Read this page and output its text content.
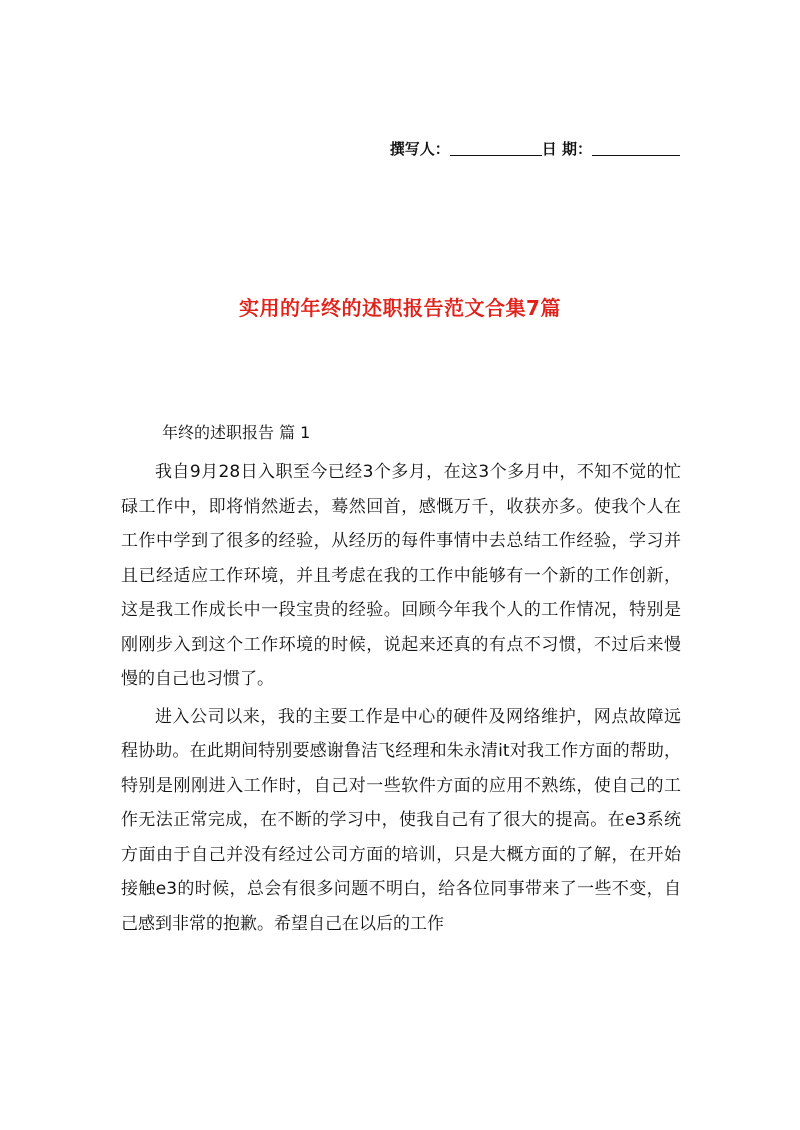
撰写人：	日 期：
实用的年终的述职报告范文合集7篇
年终的述职报告 篇 1

我自9月28日入职至今已经3个多月，在这3个多月中，不知不觉的忙碌工作中，即将悄然逝去，蓦然回首，感慨万千，收获亦多。使我个人在工作中学到了很多的经验，从经历的每件事情中去总结工作经验，学习并且已经适应工作环境，并且考虑在我的工作中能够有一个新的工作创新，这是我工作成长中一段宝贵的经验。回顾今年我个人的工作情况，特别是刚刚步入到这个工作环境的时候，说起来还真的有点不习惯，不过后来慢慢的自己也习惯了。

进入公司以来，我的主要工作是中心的硬件及网络维护，网点故障远程协助。在此期间特别要感谢鲁洁飞经理和朱永清it对我工作方面的帮助，特别是刚刚进入工作时，自己对一些软件方面的应用不熟练，使自己的工作无法正常完成，在不断的学习中，使我自己有了很大的提高。在e3系统方面由于自己并没有经过公司方面的培训，只是大概方面的了解，在开始接触e3的时候，总会有很多问题不明白，给各位同事带来了一些不变，自己感到非常的抱歉。希望自己在以后的工作
